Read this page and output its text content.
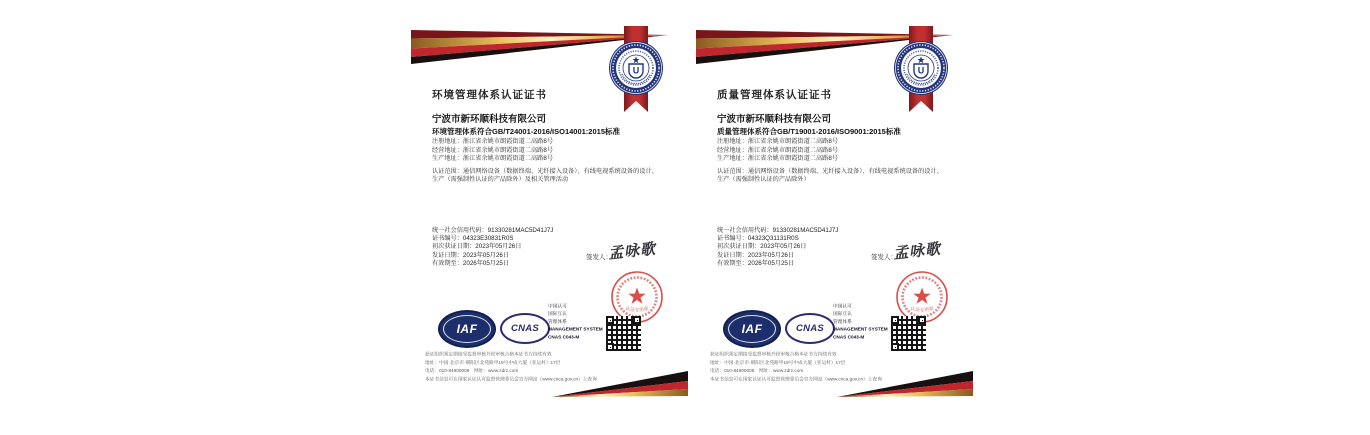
U
环境管理体系认证证书
宁波市新环顺科技有限公司
环境管理体系符合GB/T24001-2016/ISO14001:2015标准
注册地址：浙江省余姚市朗霞街道二高路8号
经营地址：浙江省余姚市朗霞街道二高路8号
生产地址：浙江省余姚市朗霞街道二高路8号
认证范围：通信网络设备（数据终端、光纤接入设备）、有线电视系统设备的设计、生产（需强制性认证的产品除外）及相关管理活动
统一社会信用代码：91330281MAC5D41J7J
证书编号：04323E30831R0S
初次获证日期：2023年05月26日
发证日期：2023年05月26日
有效期至：2026年05月25日
签发人：
孟咏歌
认证专用章
IAF	CNAS
中国认可
国际互认
管理体系
MANAGEMENT SYSTEM
CNAS C043-M
获证组织须定期接受监督审核并经审核合格本证书方持续有效
地址：中国·北京市·朝阳区北苑路甲19号中成大厦（亚运村）17层
电话：010-84900008　网址：www.zdrz.com
本证书信息可在国家认证认可监督管理委员会官方网站（www.cnca.gov.cn）上查询
U
质量管理体系认证证书
宁波市新环顺科技有限公司
质量管理体系符合GB/T19001-2016/ISO9001:2015标准
注册地址：浙江省余姚市朗霞街道二高路8号
经营地址：浙江省余姚市朗霞街道二高路8号
生产地址：浙江省余姚市朗霞街道二高路8号
认证范围：通信网络设备（数据终端、光纤接入设备）、有线电视系统设备的设计、生产（需强制性认证的产品除外）
统一社会信用代码：91330281MAC5D41J7J
证书编号：04323Q31131R0S
初次获证日期：2023年05月26日
发证日期：2023年05月26日
有效期至：2026年05月25日
签发人：
孟咏歌
认证专用章
IAF	CNAS
中国认可
国际互认
管理体系
MANAGEMENT SYSTEM
CNAS C043-M
获证组织须定期接受监督审核并经审核合格本证书方持续有效
地址：中国·北京市·朝阳区北苑路甲19号中成大厦（亚运村）17层
电话：010-84900008　网址：www.zdrz.com
本证书信息可在国家认证认可监督管理委员会官方网站（www.cnca.gov.cn）上查询
